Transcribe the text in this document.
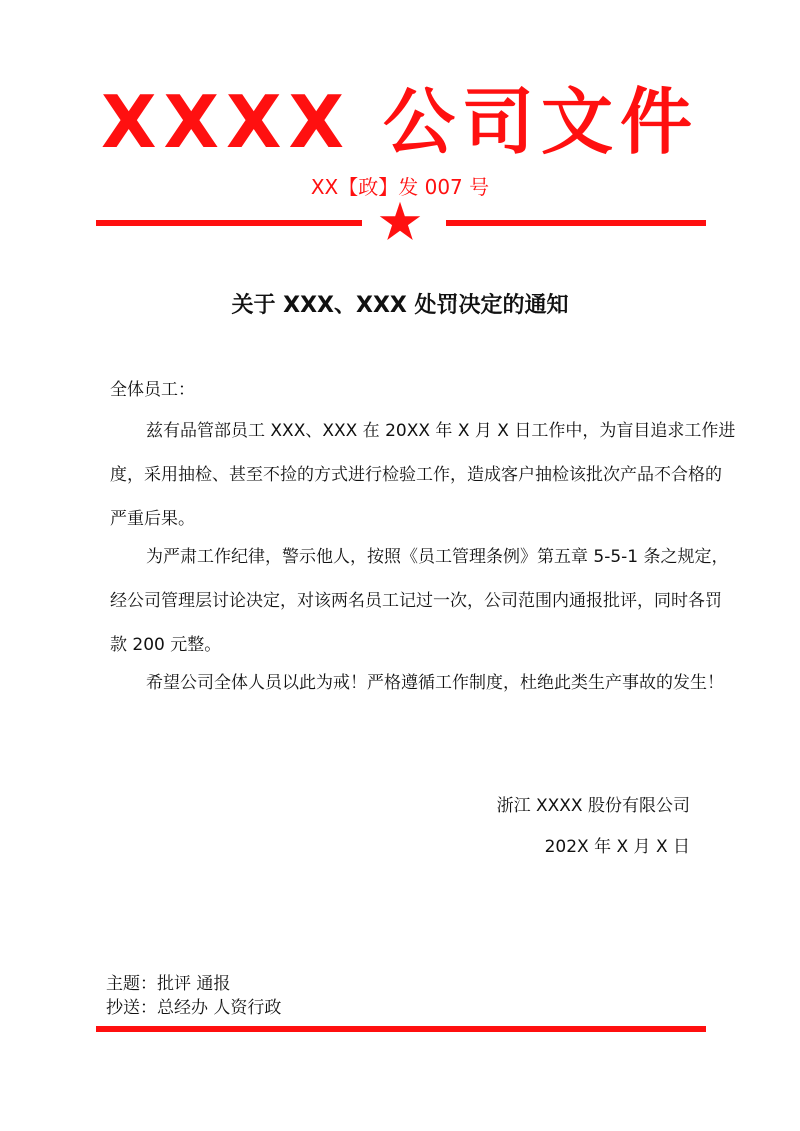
XXXX 公司文件
XX【政】发 007 号
关于 XXX、XXX 处罚决定的通知
全体员工：
兹有品管部员工 XXX、XXX 在 20XX 年 X 月 X 日工作中，为盲目追求工作进
度，采用抽检、甚至不捡的方式进行检验工作，造成客户抽检该批次产品不合格的
严重后果。
为严肃工作纪律，警示他人，按照《员工管理条例》第五章 5-5-1 条之规定，
经公司管理层讨论决定，对该两名员工记过一次，公司范围内通报批评，同时各罚
款 200 元整。
希望公司全体人员以此为戒！严格遵循工作制度，杜绝此类生产事故的发生！
浙江 XXXX 股份有限公司
202X 年 X 月 X 日
主题：批评 通报
抄送：总经办 人资行政
